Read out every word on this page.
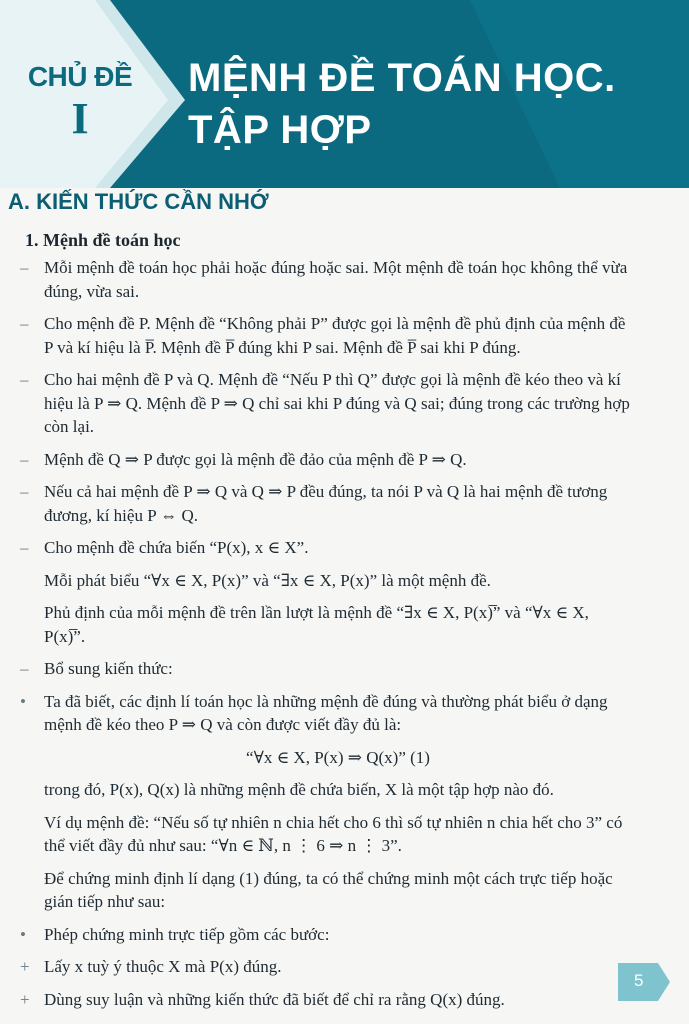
CHỦ ĐỀ
I
MỆNH ĐỀ TOÁN HỌC.
TẬP HỢP
A. KIẾN THỨC CẦN NHỚ
1. Mệnh đề toán học
– Mỗi mệnh đề toán học phải hoặc đúng hoặc sai. Một mệnh đề toán học không thể vừa đúng, vừa sai.
– Cho mệnh đề P. Mệnh đề “Không phải P” được gọi là mệnh đề phủ định của mệnh đề P và kí hiệu là P̅. Mệnh đề P̅ đúng khi P sai. Mệnh đề P̅ sai khi P đúng.
– Cho hai mệnh đề P và Q. Mệnh đề “Nếu P thì Q” được gọi là mệnh đề kéo theo và kí hiệu là P ⇒ Q. Mệnh đề P ⇒ Q chỉ sai khi P đúng và Q sai; đúng trong các trường hợp còn lại.
– Mệnh đề Q ⇒ P được gọi là mệnh đề đảo của mệnh đề P ⇒ Q.
– Nếu cả hai mệnh đề P ⇒ Q và Q ⇒ P đều đúng, ta nói P và Q là hai mệnh đề tương đương, kí hiệu P ⇔ Q.
– Cho mệnh đề chứa biến “P(x), x ∈ X”.
Mỗi phát biểu “∀x ∈ X, P(x)” và “∃x ∈ X, P(x)” là một mệnh đề.
Phủ định của mỗi mệnh đề trên lần lượt là mệnh đề “∃x ∈ X, P(x)̅” và “∀x ∈ X, P(x)̅”.
– Bổ sung kiến thức:
• Ta đã biết, các định lí toán học là những mệnh đề đúng và thường phát biểu ở dạng mệnh đề kéo theo P ⇒ Q và còn được viết đầy đủ là:
“∀x ∈ X, P(x) ⇒ Q(x)” (1)
trong đó, P(x), Q(x) là những mệnh đề chứa biến, X là một tập hợp nào đó.
Ví dụ mệnh đề: “Nếu số tự nhiên n chia hết cho 6 thì số tự nhiên n chia hết cho 3” có thể viết đầy đủ như sau: “∀n ∈ ℕ, n ⋮ 6 ⇒ n ⋮ 3”.
Để chứng minh định lí dạng (1) đúng, ta có thể chứng minh một cách trực tiếp hoặc gián tiếp như sau:
• Phép chứng minh trực tiếp gồm các bước:
+ Lấy x tuỳ ý thuộc X mà P(x) đúng.
+ Dùng suy luận và những kiến thức đã biết để chỉ ra rằng Q(x) đúng.
5
